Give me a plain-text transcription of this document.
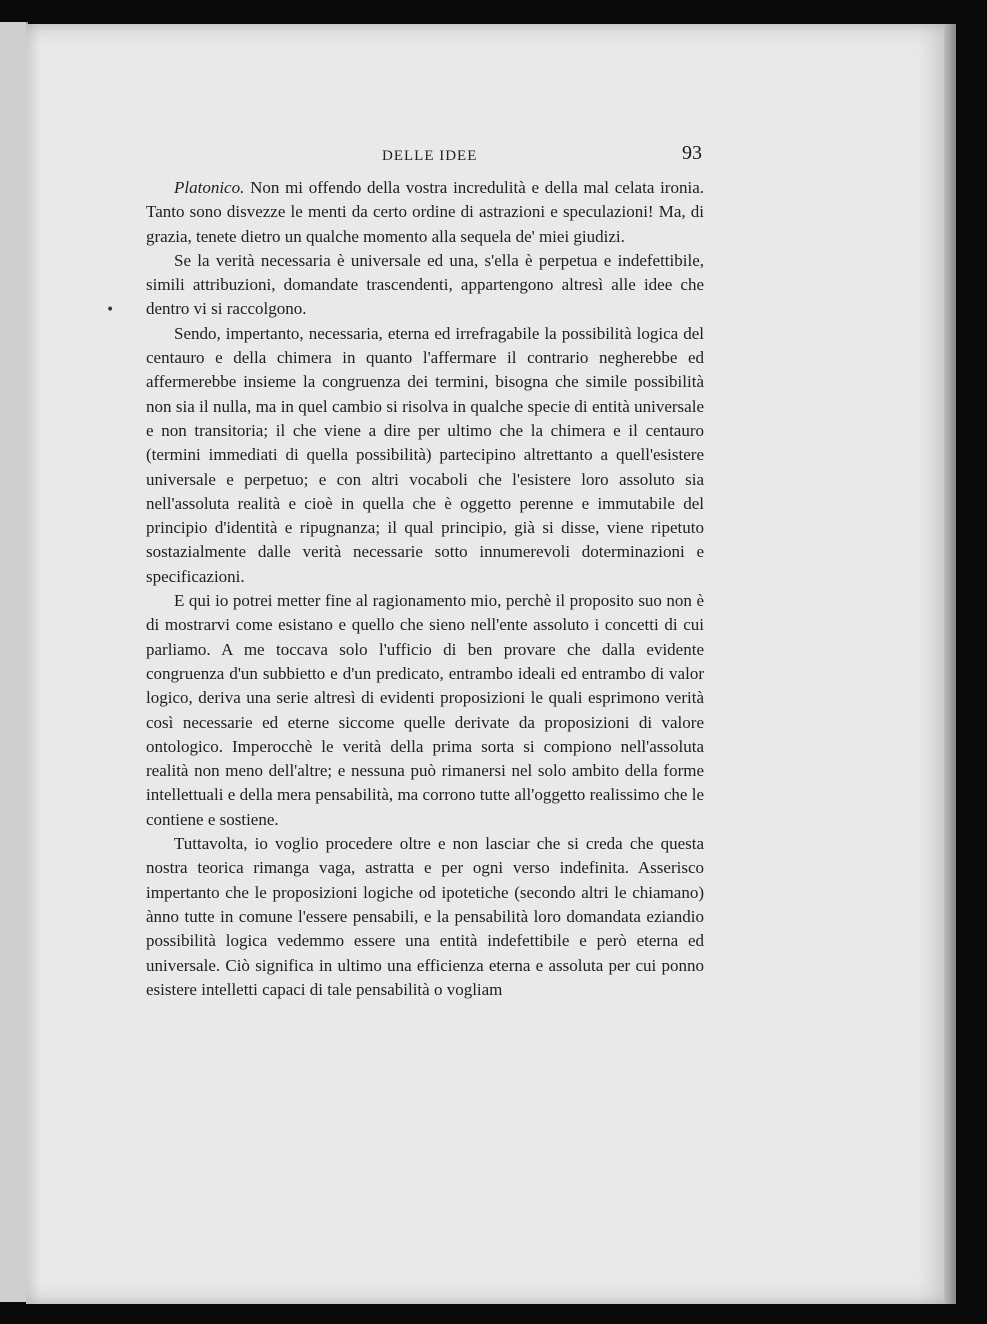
DELLE IDEE	93
•

Platonico. Non mi offendo della vostra incredulità e della mal celata ironia. Tanto sono disvezze le menti da certo ordine di astrazioni e speculazioni! Ma, di grazia, tenete dietro un qualche momento alla sequela de' miei giudizi.

Se la verità necessaria è universale ed una, s'ella è perpetua e indefettibile, simili attribuzioni, domandate trascendenti, appartengono altresì alle idee che dentro vi si raccolgono.

Sendo, impertanto, necessaria, eterna ed irrefragabile la possibilità logica del centauro e della chimera in quanto l'affermare il contrario negherebbe ed affermerebbe insieme la congruenza dei termini, bisogna che simile possibilità non sia il nulla, ma in quel cambio si risolva in qualche specie di entità universale e non transitoria; il che viene a dire per ultimo che la chimera e il centauro (termini immediati di quella possibilità) partecipino altrettanto a quell'esistere universale e perpetuo; e con altri vocaboli che l'esistere loro assoluto sia nell'assoluta realità e cioè in quella che è oggetto perenne e immutabile del principio d'identità e ripugnanza; il qual principio, già si disse, viene ripetuto sostazialmente dalle verità necessarie sotto innumerevoli doterminazioni e specificazioni.

E qui io potrei metter fine al ragionamento mio, perchè il proposito suo non è di mostrarvi come esistano e quello che sieno nell'ente assoluto i concetti di cui parliamo. A me toccava solo l'ufficio di ben provare che dalla evidente congruenza d'un subbietto e d'un predicato, entrambo ideali ed entrambo di valor logico, deriva una serie altresì di evidenti proposizioni le quali esprimono verità così necessarie ed eterne siccome quelle derivate da proposizioni di valore ontologico. Imperocchè le verità della prima sorta si compiono nell'assoluta realità non meno dell'altre; e nessuna può rimanersi nel solo ambito della forme intellettuali e della mera pensabilità, ma corrono tutte all'oggetto realissimo che le contiene e sostiene.

Tuttavolta, io voglio procedere oltre e non lasciar che si creda che questa nostra teorica rimanga vaga, astratta e per ogni verso indefinita. Asserisco impertanto che le proposizioni logiche od ipotetiche (secondo altri le chiamano) ànno tutte in comune l'essere pensabili, e la pensabilità loro domandata eziandio possibilità logica vedemmo essere una entità indefettibile e però eterna ed universale. Ciò significa in ultimo una efficienza eterna e assoluta per cui ponno esistere intelletti capaci di tale pensabilità o vogliam
